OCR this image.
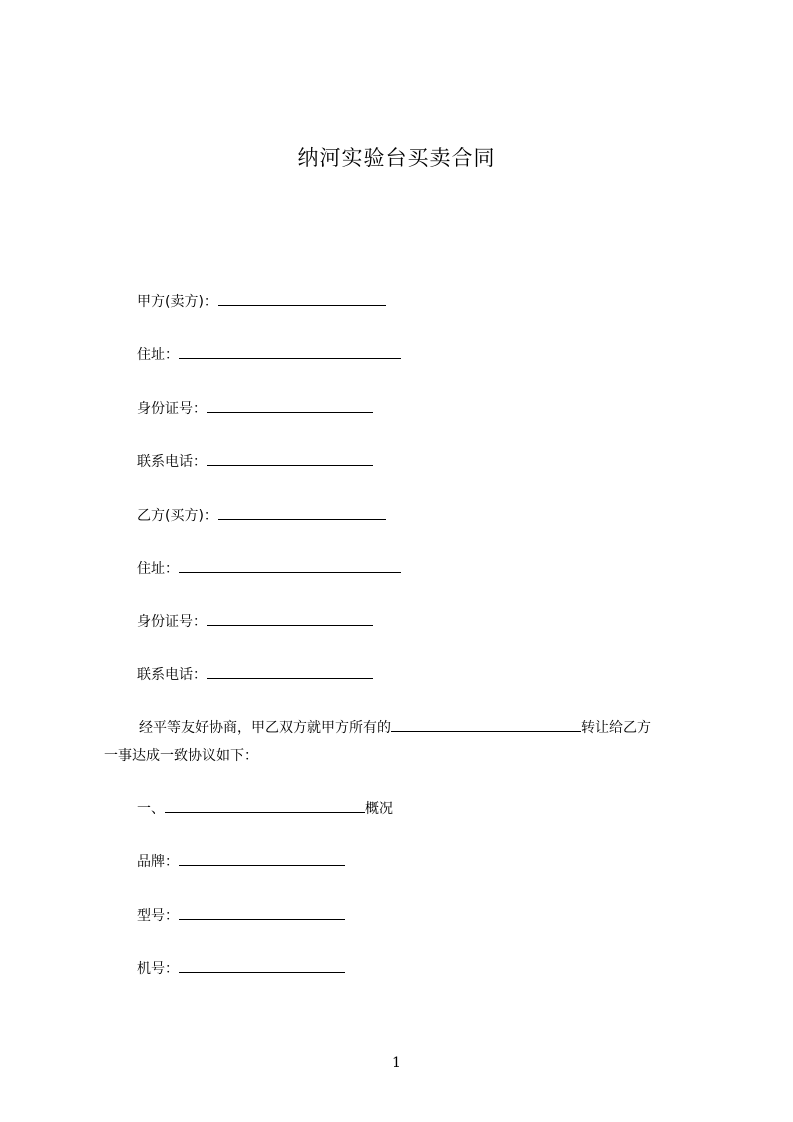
纳河实验台买卖合同
甲方(卖方)：
住址：
身份证号：
联系电话：
乙方(买方)：
住址：
身份证号：
联系电话：
经平等友好协商，甲乙双方就甲方所有的	转让给乙方
一事达成一致协议如下：
一、	概况
品牌：
型号：
机号：
1
